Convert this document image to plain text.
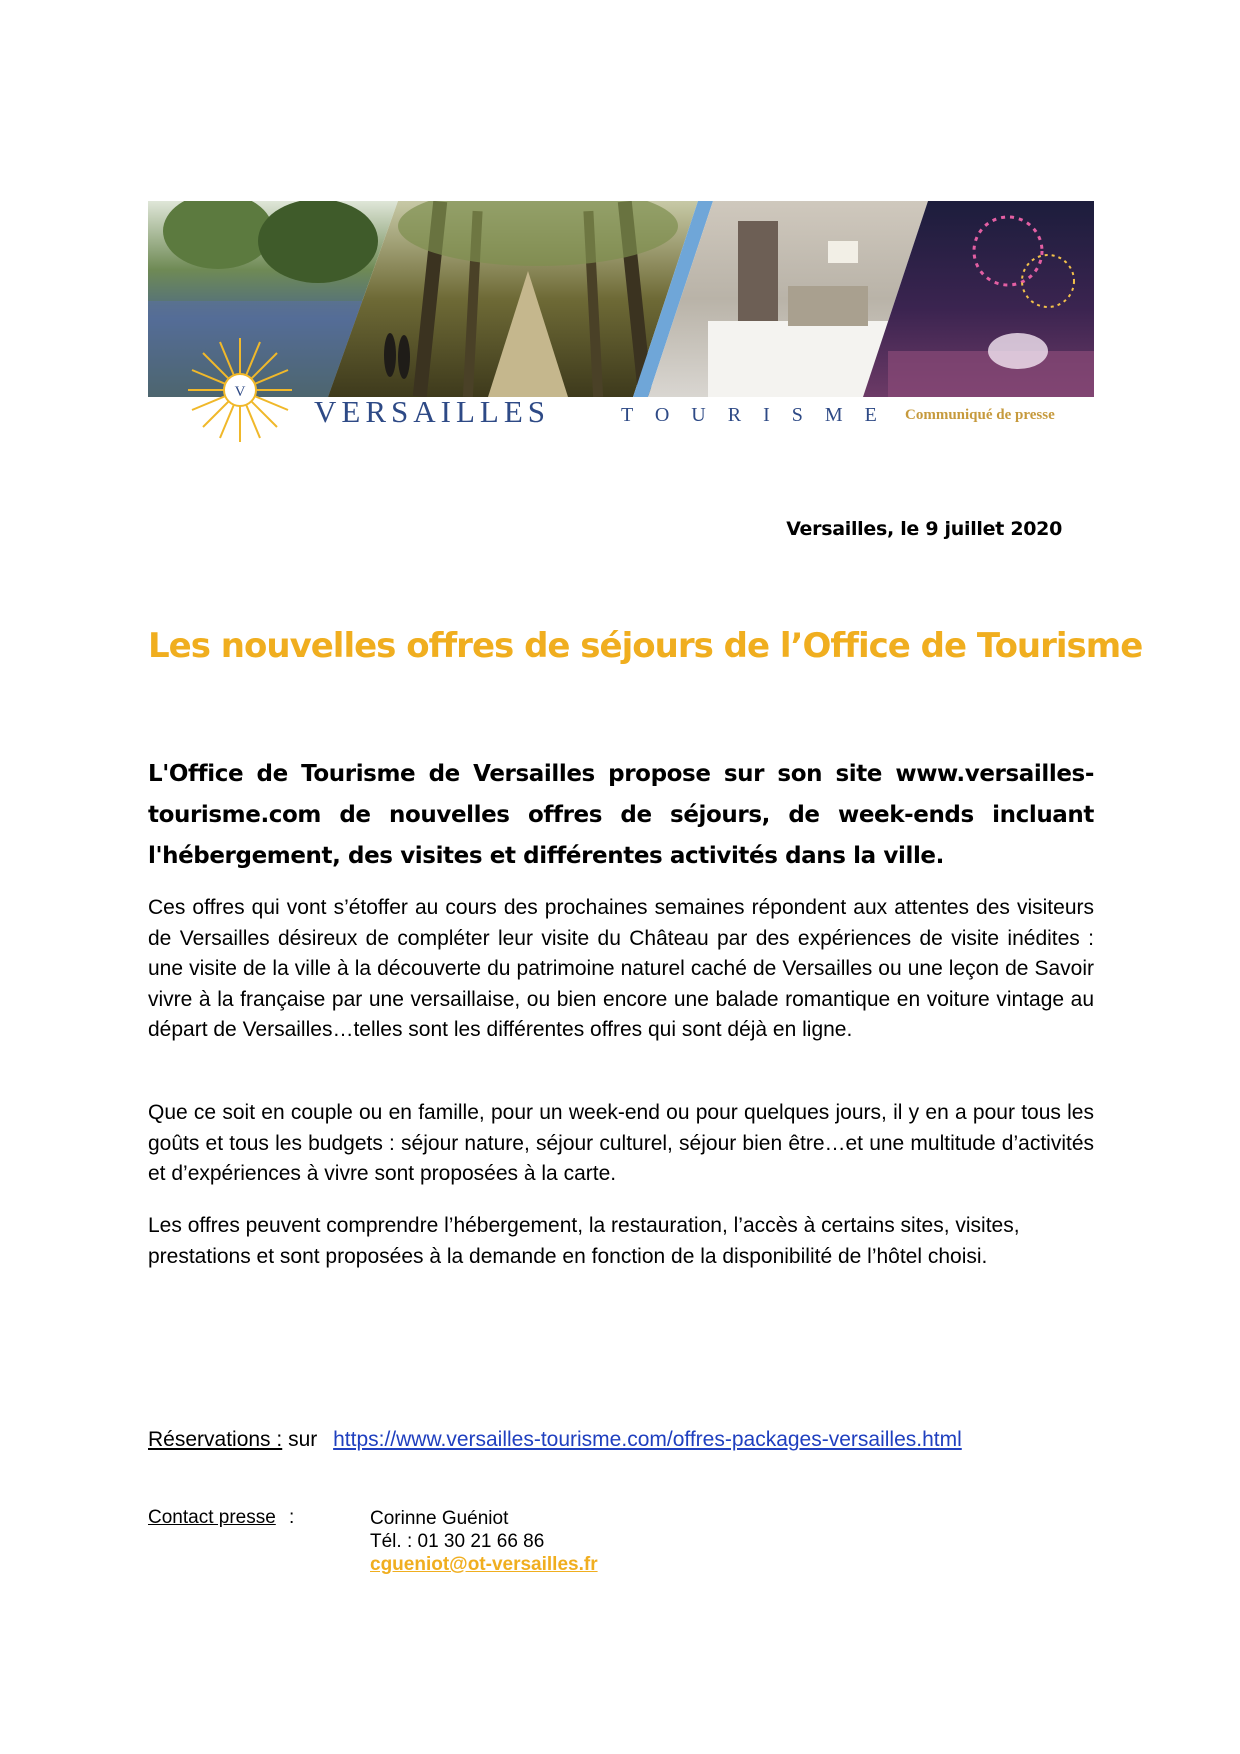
V
VERSAILLES	TOURISME Communiqué de presse
Versailles, le 9 juillet 2020
Les nouvelles offres de séjours de l’Office de Tourisme
L'Office de Tourisme de Versailles propose sur son site www.versailles-tourisme.com de nouvelles offres de séjours, de week-ends incluant l'hébergement, des visites et différentes activités dans la ville.
Ces offres qui vont s’étoffer au cours des prochaines semaines répondent aux attentes des visiteurs de Versailles désireux de compléter leur visite du Château par des expériences de visite inédites : une visite de la ville à la découverte du patrimoine naturel caché de Versailles ou une leçon de Savoir vivre à la française par une versaillaise, ou bien encore une balade romantique en voiture vintage au départ de Versailles…telles sont les différentes offres qui sont déjà en ligne.
Que ce soit en couple ou en famille, pour un week-end ou pour quelques jours, il y en a pour tous les goûts et tous les budgets : séjour nature, séjour culturel, séjour bien être…et une multitude d’activités et d’expériences à vivre sont proposées à la carte.
Les offres peuvent comprendre l’hébergement, la restauration, l’accès à certains sites, visites, prestations et sont proposées à la demande en fonction de la disponibilité de l’hôtel choisi.
Réservations : sur https://www.versailles-tourisme.com/offres-packages-versailles.html
Contact presse :	Corinne Guéniot
Tél. : 01 30 21 66 86
cgueniot@ot-versailles.fr
